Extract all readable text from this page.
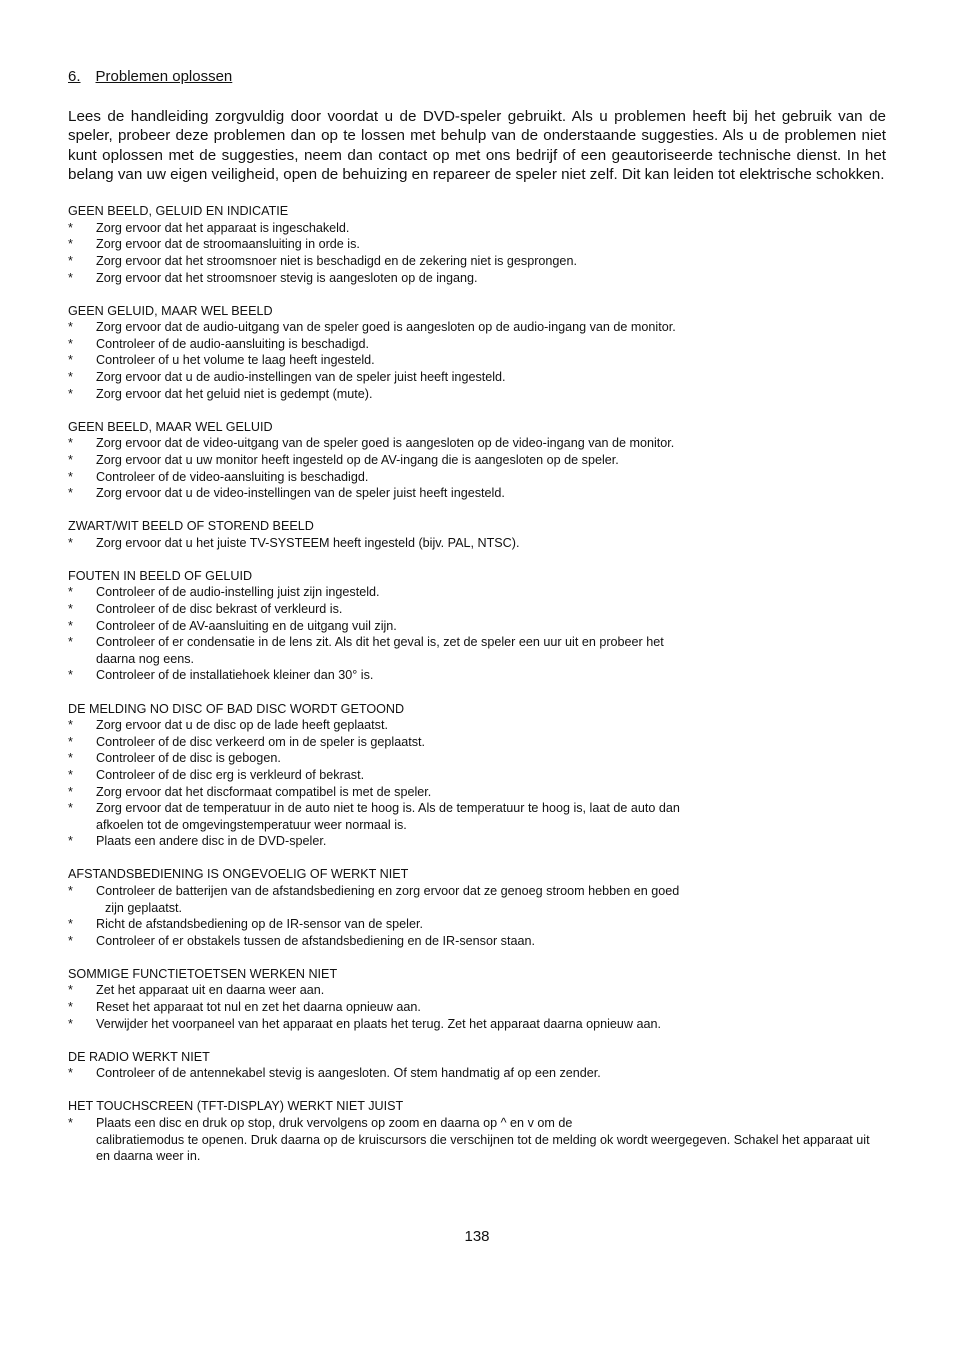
6. Problemen oplossen

Lees de handleiding zorgvuldig door voordat u de DVD-speler gebruikt. Als u problemen heeft bij het gebruik van de speler, probeer deze problemen dan op te lossen met behulp van de onderstaande suggesties. Als u de problemen niet kunt oplossen met de suggesties, neem dan contact op met ons bedrijf of een geautoriseerde technische dienst. In het belang van uw eigen veiligheid, open de behuizing en repareer de speler niet zelf. Dit kan leiden tot elektrische schokken.

GEEN BEELD, GELUID EN INDICATIE
* Zorg ervoor dat het apparaat is ingeschakeld.
* Zorg ervoor dat de stroomaansluiting in orde is.
* Zorg ervoor dat het stroomsnoer niet is beschadigd en de zekering niet is gesprongen.
* Zorg ervoor dat het stroomsnoer stevig is aangesloten op de ingang.
GEEN GELUID, MAAR WEL BEELD
* Zorg ervoor dat de audio-uitgang van de speler goed is aangesloten op de audio-ingang van de monitor.
* Controleer of de audio-aansluiting is beschadigd.
* Controleer of u het volume te laag heeft ingesteld.
* Zorg ervoor dat u de audio-instellingen van de speler juist heeft ingesteld.
* Zorg ervoor dat het geluid niet is gedempt (mute).
GEEN BEELD, MAAR WEL GELUID
* Zorg ervoor dat de video-uitgang van de speler goed is aangesloten op de video-ingang van de monitor.
* Zorg ervoor dat u uw monitor heeft ingesteld op de AV-ingang die is aangesloten op de speler.
* Controleer of de video-aansluiting is beschadigd.
* Zorg ervoor dat u de video-instellingen van de speler juist heeft ingesteld.
ZWART/WIT BEELD OF STOREND BEELD
* Zorg ervoor dat u het juiste TV-SYSTEEM heeft ingesteld (bijv. PAL, NTSC).
FOUTEN IN BEELD OF GELUID
* Controleer of de audio-instelling juist zijn ingesteld.
* Controleer of de disc bekrast of verkleurd is.
* Controleer of de AV-aansluiting en de uitgang vuil zijn.
* Controleer of er condensatie in de lens zit. Als dit het geval is, zet de speler een uur uit en probeer het
daarna nog eens.
* Controleer of de installatiehoek kleiner dan 30° is.
DE MELDING NO DISC OF BAD DISC WORDT GETOOND
* Zorg ervoor dat u de disc op de lade heeft geplaatst.
* Controleer of de disc verkeerd om in de speler is geplaatst.
* Controleer of de disc is gebogen.
* Controleer of de disc erg is verkleurd of bekrast.
* Zorg ervoor dat het discformaat compatibel is met de speler.
* Zorg ervoor dat de temperatuur in de auto niet te hoog is. Als de temperatuur te hoog is, laat de auto dan
afkoelen tot de omgevingstemperatuur weer normaal is.
* Plaats een andere disc in de DVD-speler.
AFSTANDSBEDIENING IS ONGEVOELIG OF WERKT NIET
* Controleer de batterijen van de afstandsbediening en zorg ervoor dat ze genoeg stroom hebben en goed
zijn geplaatst.
* Richt de afstandsbediening op de IR-sensor van de speler.
* Controleer of er obstakels tussen de afstandsbediening en de IR-sensor staan.
SOMMIGE FUNCTIETOETSEN WERKEN NIET
* Zet het apparaat uit en daarna weer aan.
* Reset het apparaat tot nul en zet het daarna opnieuw aan.
* Verwijder het voorpaneel van het apparaat en plaats het terug. Zet het apparaat daarna opnieuw aan.
DE RADIO WERKT NIET
* Controleer of de antennekabel stevig is aangesloten. Of stem handmatig af op een zender.
HET TOUCHSCREEN (TFT-DISPLAY) WERKT NIET JUIST
* Plaats een disc en druk op stop, druk vervolgens op zoom en daarna op ^ en v om de
calibratiemodus te openen. Druk daarna op de kruiscursors die verschijnen tot de melding ok wordt weergegeven. Schakel het apparaat uit en daarna weer in.
138
